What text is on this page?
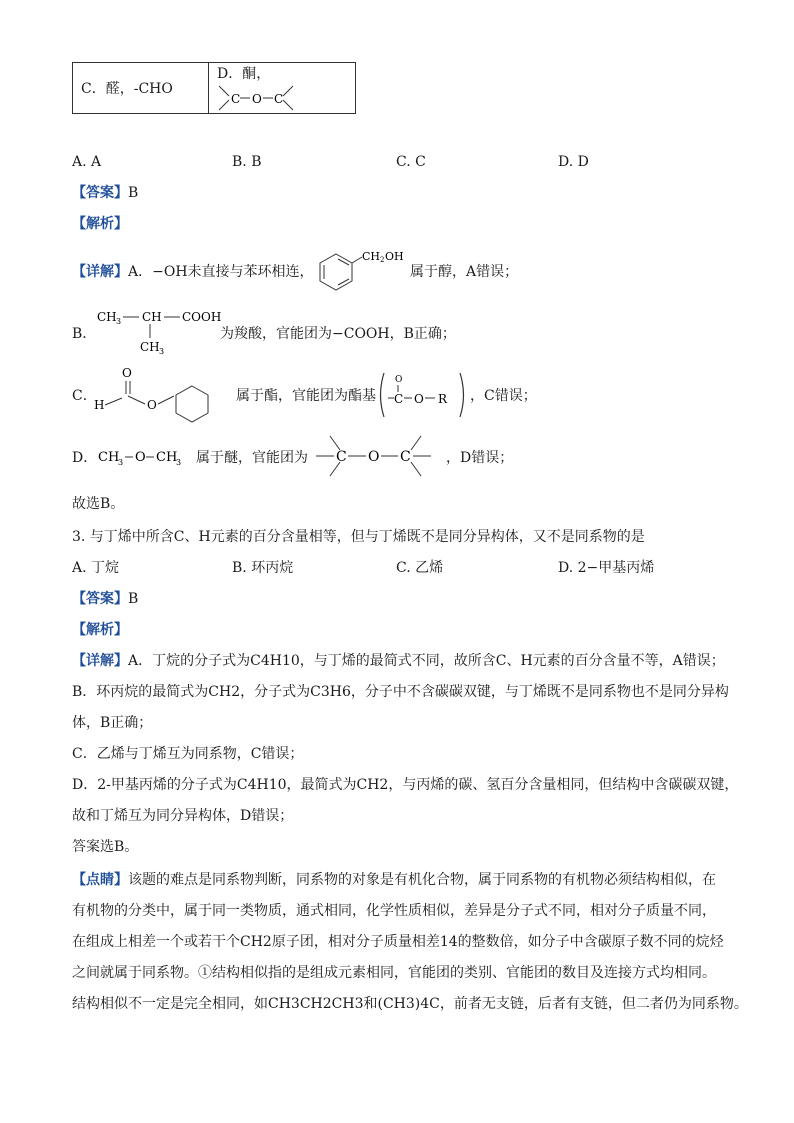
C．醛，-CHO	D．酮，
C O C
A. A	B. B	C. C	D. D
【答案】B
【解析】
【详解】A．−OH未直接与苯环相连，
CH 2 OH
属于醇，A错误；
B．
CH 3 CH COOH
CH 3
为羧酸，官能团为−COOH，B正确；
C．
O
H	O
属于酯，官能团为酯基
O
C O R ，C错误；
D． CH
3 O CH
3 属于醚，官能团为 C O C	，D错误；
故选B。
3. 与丁烯中所含C、H元素的百分含量相等，但与丁烯既不是同分异构体，又不是同系物的是
A. 丁烷	B. 环丙烷	C. 乙烯	D. 2−甲基丙烯
【答案】B
【解析】
【详解】A．丁烷的分子式为C4H10，与丁烯的最简式不同，故所含C、H元素的百分含量不等，A错误；
B．环丙烷的最简式为CH2，分子式为C3H6，分子中不含碳碳双键，与丁烯既不是同系物也不是同分异构
体，B正确；
C．乙烯与丁烯互为同系物，C错误；
D．2-甲基丙烯的分子式为C4H10，最简式为CH2，与丙烯的碳、氢百分含量相同，但结构中含碳碳双键，
故和丁烯互为同分异构体，D错误；
答案选B。
【点睛】该题的难点是同系物判断，同系物的对象是有机化合物，属于同系物的有机物必须结构相似，在
有机物的分类中，属于同一类物质，通式相同，化学性质相似，差异是分子式不同，相对分子质量不同，
在组成上相差一个或若干个CH2原子团，相对分子质量相差14的整数倍，如分子中含碳原子数不同的烷烃
之间就属于同系物。①结构相似指的是组成元素相同，官能团的类别、官能团的数目及连接方式均相同。
结构相似不一定是完全相同，如CH3CH2CH3和(CH3)4C，前者无支链，后者有支链，但二者仍为同系物。
